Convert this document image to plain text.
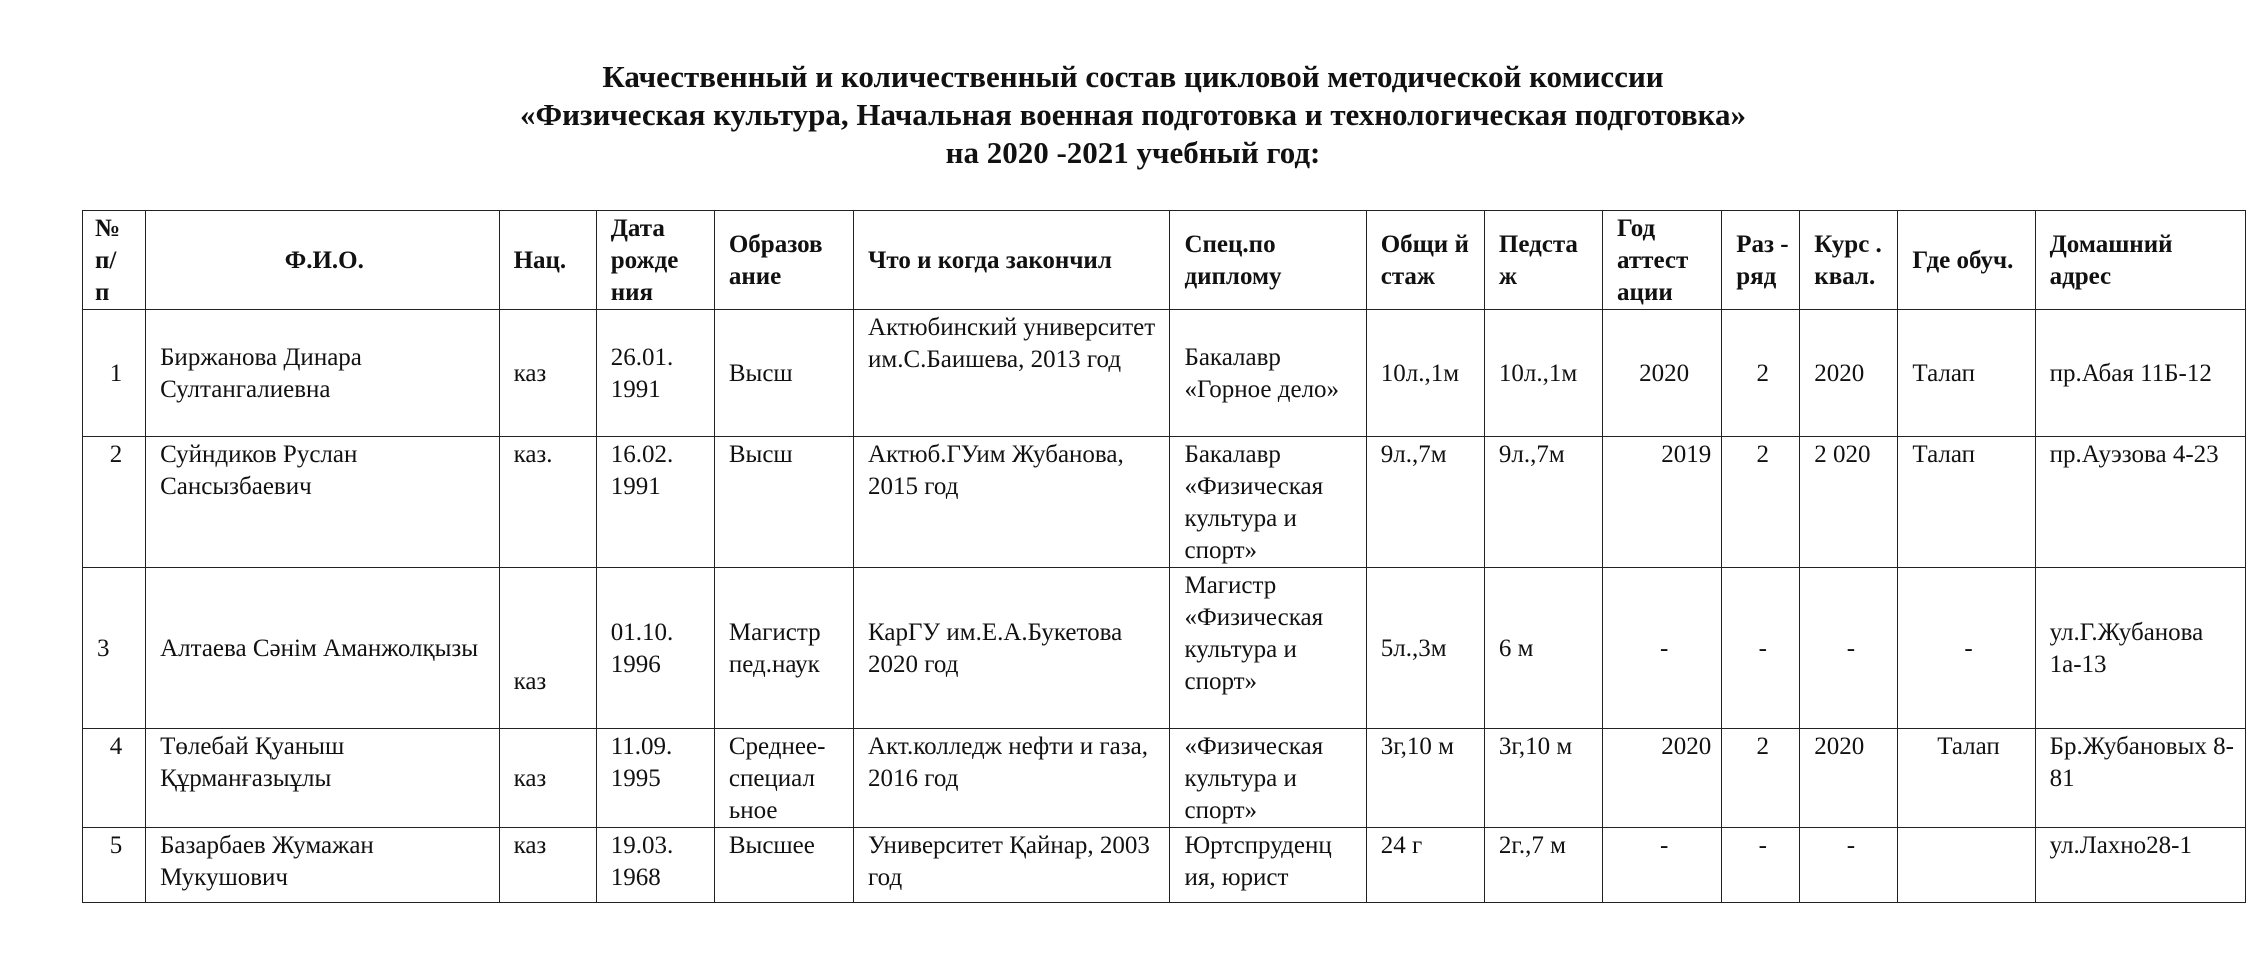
Качественный и количественный состав цикловой методической комиссии
«Физическая культура, Начальная военная подготовка и технологическая подготовка»
на 2020 -2021 учебный год:
№ п/ п	Ф.И.О.	Нац.	Дата рожде ния	Образов ание	Что и когда закончил	Спец.по диплому	Общи й стаж	Педста ж	Год аттест ации	Раз - ряд	Курс . квал.	Где обуч.	Домашний адрес
1	Биржанова Динара Султангалиевна	каз	26.01. 1991	Высш	Актюбинский университет им.С.Баишева, 2013 год	Бакалавр «Горное дело»	10л.,1м	10л.,1м	2020	2	2020	Талап	пр.Абая 11Б-12
2	Суйндиков Руслан Сансызбаевич	каз.	16.02. 1991	Высш	Актюб.ГУим Жубанова, 2015 год	Бакалавр «Физическая культура и спорт»	9л.,7м	9л.,7м	2019	2	2 020	Талап	пр.Ауэзова 4-23
3	Алтаева Сәнім Аманжолқызы	каз	01.10. 1996	Магистр пед.наук	КарГУ им.Е.А.Букетова 2020 год	Магистр «Физическая культура и спорт»	5л.,3м	6 м	-	-	-	-	ул.Г.Жубанова 1а-13
4	Төлебай Қуаныш Құрманғазыұлы	каз	11.09. 1995	Среднее-специал ьное	Акт.колледж нефти и газа, 2016 год	«Физическая культура и спорт»	3г,10 м	3г,10 м	2020	2	2020	Талап	Бр.Жубановых 8-81
5	Базарбаев Жумажан Мукушович	каз	19.03. 1968	Высшее	Университет Қайнар, 2003 год	Юртспруденц ия, юрист	24 г	2г.,7 м	-	-	-		ул.Лахно28-1
